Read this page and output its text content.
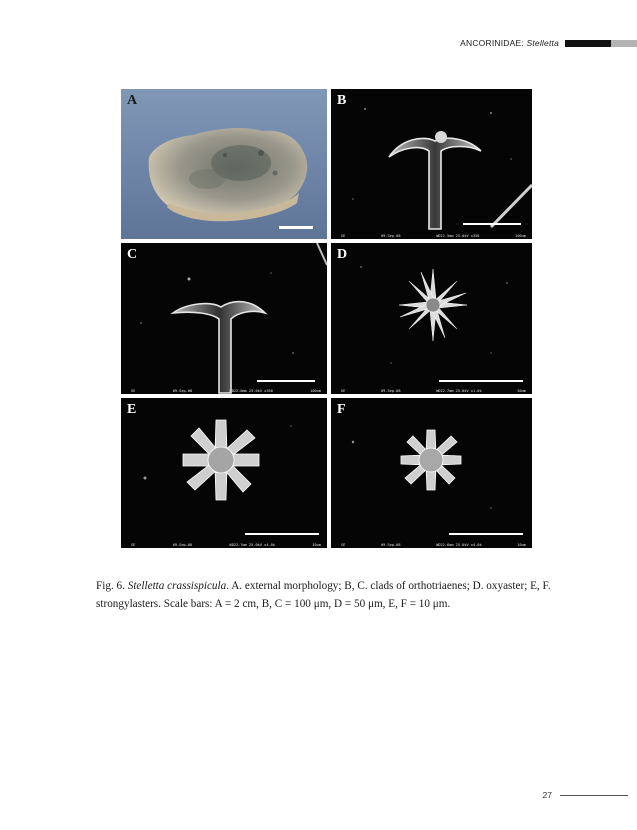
ANCORINIDAE: Stelletta
A	B
SE	09-Sep-08	WD22.5mm 25.0kV x350	100um
C
SE	09-Sep-08	WD22.6mm 25.0kV x350	100um
D
SE	09-Sep-08	WD22.7mm 25.0kV x1.0k	50um
E
SE	09-Sep-08	WD22.7mm 25.0kV x4.0k	10um
F
SE	09-Sep-08	WD22.6mm 25.0kV x4.0k	10um

Fig. 6. Stelletta crassispicula. A. external morphology; B, C. clads of orthotriaenes; D. oxyaster; E, F. strongylasters. Scale bars: A = 2 cm, B, C = 100 μm, D = 50 μm, E, F = 10 μm.

27
